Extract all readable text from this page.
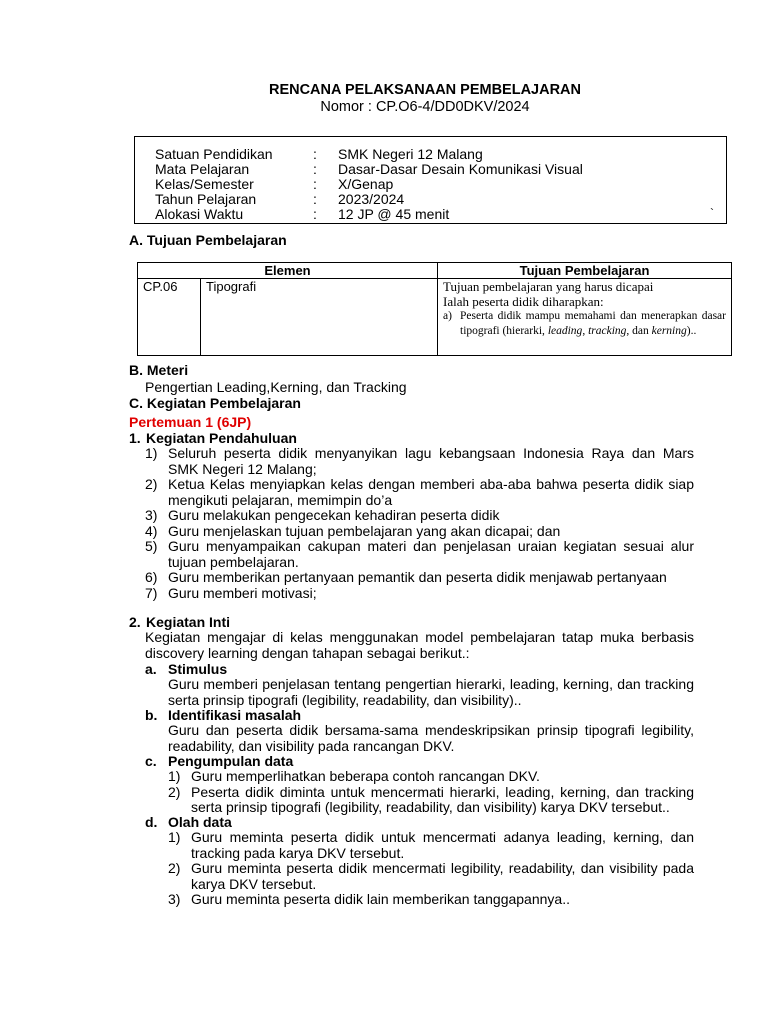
RENCANA PELAKSANAAN PEMBELAJARAN
Nomor : CP.O6-4/DD0DKV/2024
Satuan Pendidikan	: SMK Negeri 12 Malang
Mata Pelajaran	: Dasar-Dasar Desain Komunikasi Visual
Kelas/Semester	: X/Genap
Tahun Pelajaran	: 2023/2024
Alokasi Waktu	: 12 JP @ 45 menit	`
A. Tujuan Pembelajaran
Elemen		Tujuan Pembelajaran
CP.06	Tipografi	Tujuan pembelajaran yang harus dicapai
Ialah peserta didik diharapkan:
a) Peserta didik mampu memahami dan menerapkan dasar tipografi (hierarki, leading, tracking, dan kerning)..
B. Meteri
Pengertian Leading,Kerning, dan Tracking
C. Kegiatan Pembelajaran
Pertemuan 1 (6JP)
1. Kegiatan Pendahuluan
1) Seluruh peserta didik menyanyikan lagu kebangsaan Indonesia Raya dan Mars SMK Negeri 12 Malang;
2) Ketua Kelas menyiapkan kelas dengan memberi aba-aba bahwa peserta didik siap mengikuti pelajaran, memimpin do’a
3) Guru melakukan pengecekan kehadiran peserta didik
4) Guru menjelaskan tujuan pembelajaran yang akan dicapai; dan
5) Guru menyampaikan cakupan materi dan penjelasan uraian kegiatan sesuai alur tujuan pembelajaran.
6) Guru memberikan pertanyaan pemantik dan peserta didik menjawab pertanyaan
7) Guru memberi motivasi;
2. Kegiatan Inti
Kegiatan mengajar di kelas menggunakan model pembelajaran tatap muka berbasis discovery learning dengan tahapan sebagai berikut.:
a. Stimulus
Guru memberi penjelasan tentang pengertian hierarki, leading, kerning, dan tracking serta prinsip tipografi (legibility, readability, dan visibility)..
b. Identifikasi masalah
Guru dan peserta didik bersama-sama mendeskripsikan prinsip tipografi legibility, readability, dan visibility pada rancangan DKV.
c. Pengumpulan data
1) Guru memperlihatkan beberapa contoh rancangan DKV.
2) Peserta didik diminta untuk mencermati hierarki, leading, kerning, dan tracking serta prinsip tipografi (legibility, readability, dan visibility) karya DKV tersebut..
d. Olah data
1) Guru meminta peserta didik untuk mencermati adanya leading, kerning, dan tracking pada karya DKV tersebut.
2) Guru meminta peserta didik mencermati legibility, readability, dan visibility pada karya DKV tersebut.
3) Guru meminta peserta didik lain memberikan tanggapannya..
